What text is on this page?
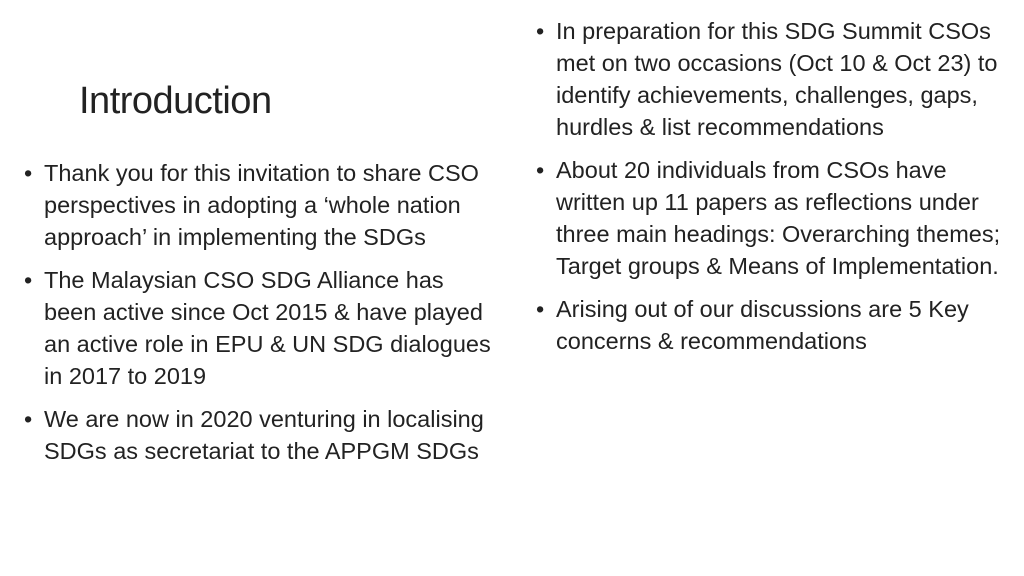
Introduction
• Thank you for this invitation to share CSO perspectives in adopting a ‘whole nation approach’ in implementing the SDGs
• The Malaysian CSO SDG Alliance has been active since Oct 2015 & have played an active role in EPU & UN SDG dialogues in 2017 to 2019
• We are now in 2020 venturing in localising SDGs as secretariat to the APPGM SDGs
• In preparation for this SDG Summit CSOs met on two occasions (Oct 10 & Oct 23) to identify achievements, challenges, gaps, hurdles & list recommendations
• About 20 individuals from CSOs have written up 11 papers as reflections under three main headings: Overarching themes; Target groups & Means of Implementation.
• Arising out of our discussions are 5 Key concerns & recommendations
